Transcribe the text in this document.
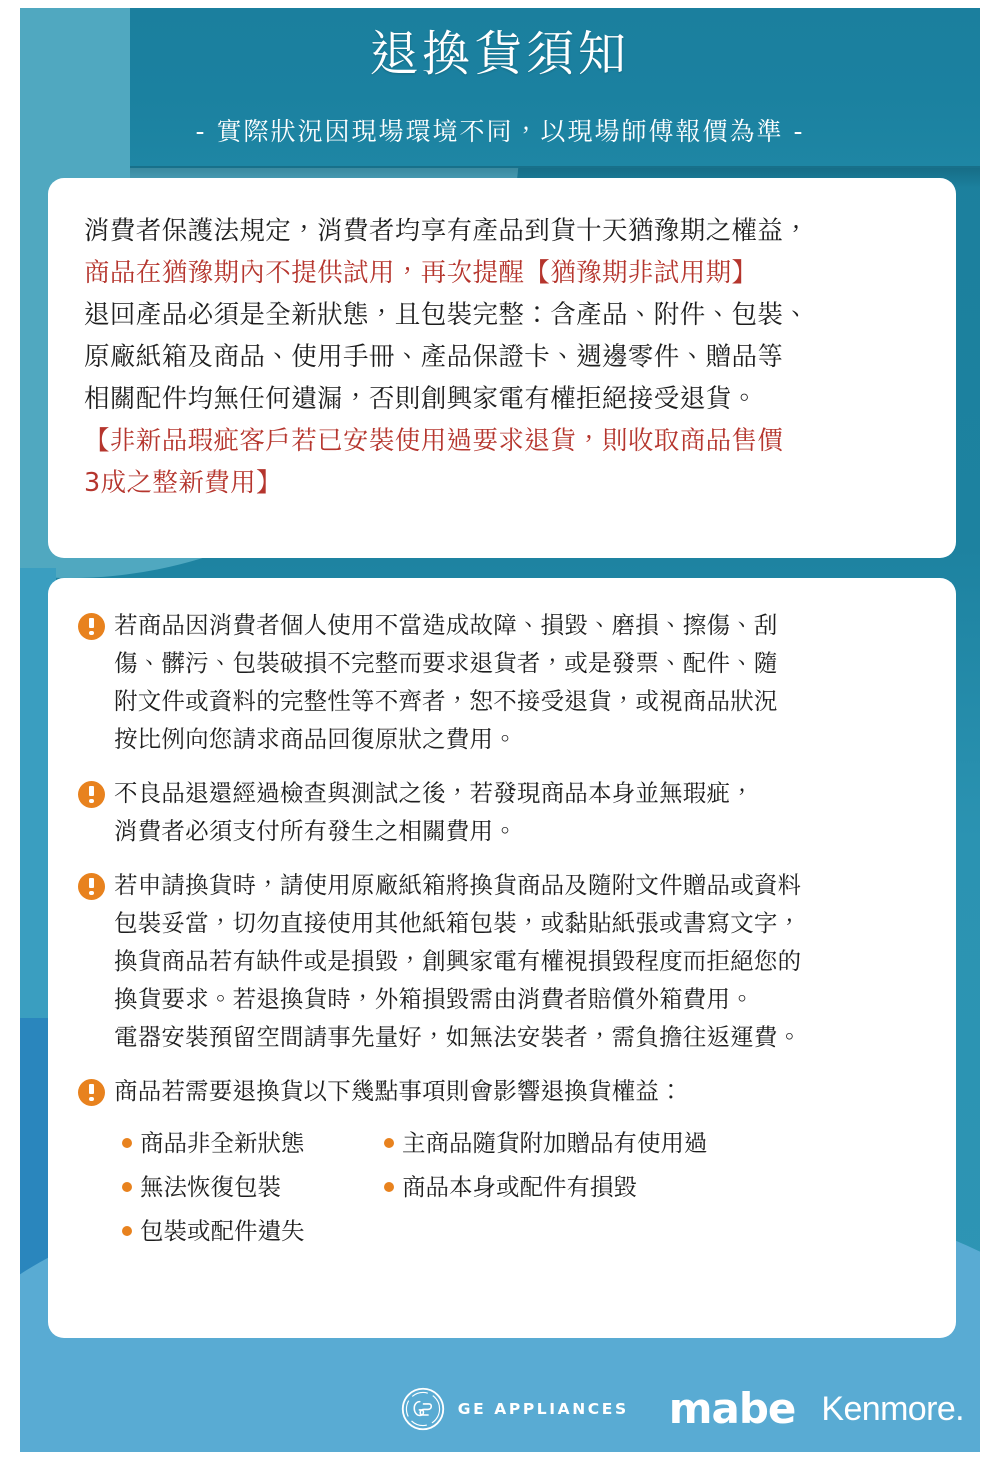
退換貨須知

- 實際狀況因現場環境不同，以現場師傅報價為準 -

消費者保護法規定，消費者均享有產品到貨十天猶豫期之權益，

商品在猶豫期內不提供試用，再次提醒【猶豫期非試用期】

退回產品必須是全新狀態，且包裝完整：含產品、附件、包裝、

原廠紙箱及商品、使用手冊、產品保證卡、週邊零件、贈品等

相關配件均無任何遺漏，否則創興家電有權拒絕接受退貨。

【非新品瑕疵客戶若已安裝使用過要求退貨，則收取商品售價

3成之整新費用】

若商品因消費者個人使用不當造成故障、損毀、磨損、擦傷、刮
傷、髒污、包裝破損不完整而要求退貨者，或是發票、配件、隨
附文件或資料的完整性等不齊者，恕不接受退貨，或視商品狀況
按比例向您請求商品回復原狀之費用。
不良品退還經過檢查與測試之後，若發現商品本身並無瑕疵，
消費者必須支付所有發生之相關費用。
若申請換貨時，請使用原廠紙箱將換貨商品及隨附文件贈品或資料
包裝妥當，切勿直接使用其他紙箱包裝，或黏貼紙張或書寫文字，
換貨商品若有缺件或是損毀，創興家電有權視損毀程度而拒絕您的
換貨要求。若退換貨時，外箱損毀需由消費者賠償外箱費用。
電器安裝預留空間請事先量好，如無法安裝者，需負擔往返運費。
商品若需要退換貨以下幾點事項則會影響退換貨權益：
商品非全新狀態	主商品隨貨附加贈品有使用過
無法恢復包裝	商品本身或配件有損毀
包裝或配件遺失
GE APPLIANCES mabe Kenmore .
